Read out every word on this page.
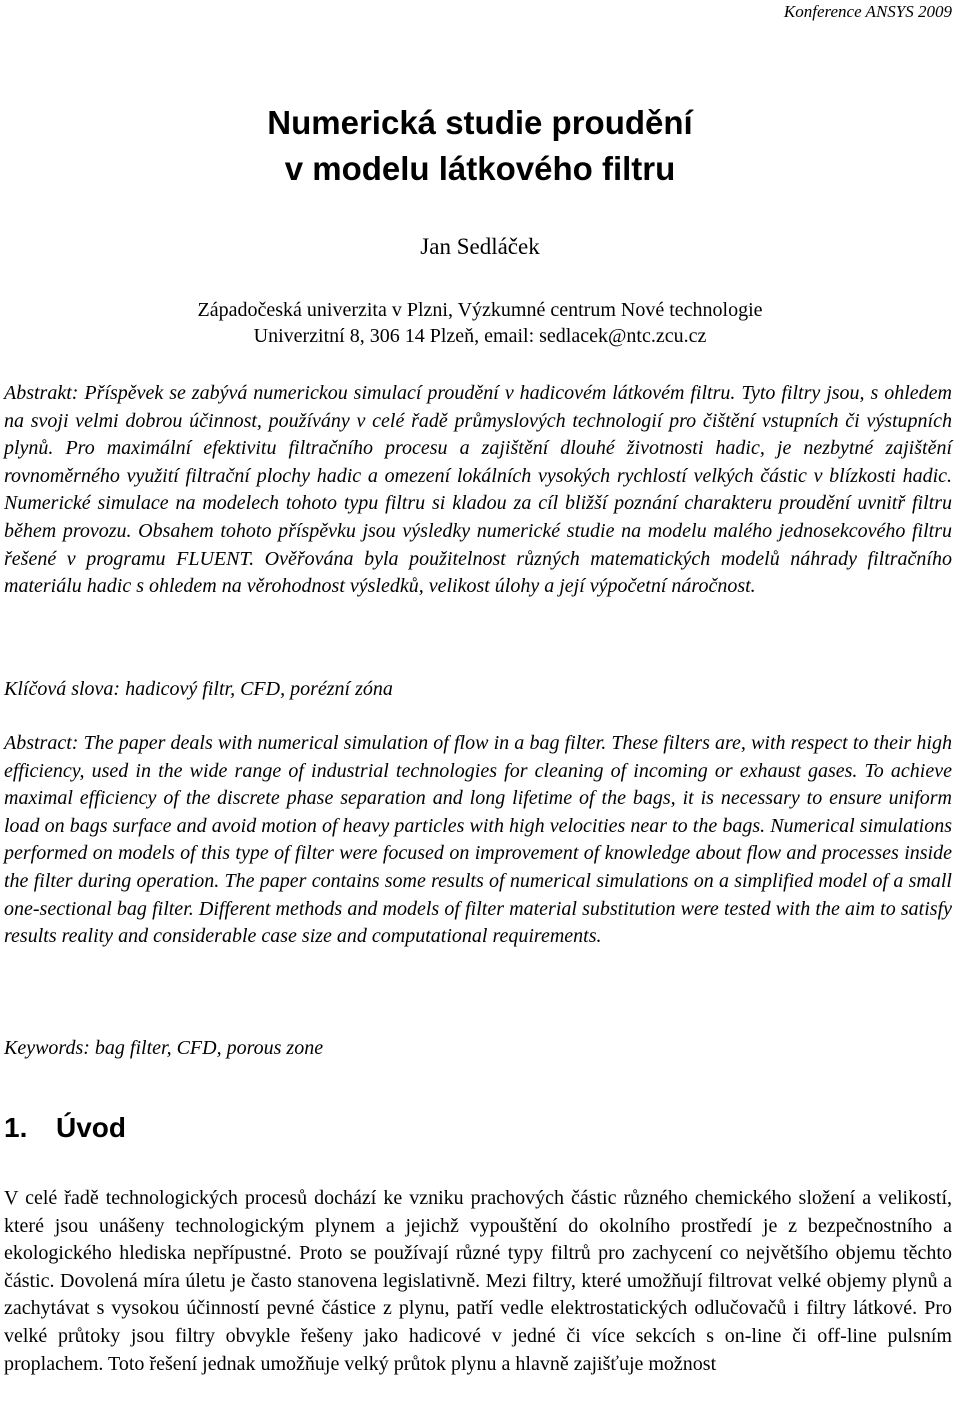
Konference ANSYS 2009
Numerická studie proudění
v modelu látkového filtru
Jan Sedláček
Západočeská univerzita v Plzni, Výzkumné centrum Nové technologie
Univerzitní 8, 306 14 Plzeň, email: sedlacek@ntc.zcu.cz
Abstrakt: Příspěvek se zabývá numerickou simulací proudění v hadicovém látkovém filtru. Tyto filtry jsou, s ohledem na svoji velmi dobrou účinnost, používány v celé řadě průmyslových technologií pro čištění vstupních či výstupních plynů. Pro maximální efektivitu filtračního procesu a zajištění dlouhé životnosti hadic, je nezbytné zajištění rovnoměrného využití filtrační plochy hadic a omezení lokálních vysokých rychlostí velkých částic v blízkosti hadic. Numerické simulace na modelech tohoto typu filtru si kladou za cíl bližší poznání charakteru proudění uvnitř filtru během provozu. Obsahem tohoto příspěvku jsou výsledky numerické studie na modelu malého jednosekcového filtru řešené v programu FLUENT. Ověřována byla použitelnost různých matematických modelů náhrady filtračního materiálu hadic s ohledem na věrohodnost výsledků, velikost úlohy a její výpočetní náročnost.
Klíčová slova: hadicový filtr, CFD, porézní zóna
Abstract: The paper deals with numerical simulation of flow in a bag filter. These filters are, with respect to their high efficiency, used in the wide range of industrial technologies for cleaning of incoming or exhaust gases. To achieve maximal efficiency of the discrete phase separation and long lifetime of the bags, it is necessary to ensure uniform load on bags surface and avoid motion of heavy particles with high velocities near to the bags. Numerical simulations performed on models of this type of filter were focused on improvement of knowledge about flow and processes inside the filter during operation. The paper contains some results of numerical simulations on a simplified model of a small one-sectional bag filter. Different methods and models of filter material substitution were tested with the aim to satisfy results reality and considerable case size and computational requirements.
Keywords: bag filter, CFD, porous zone
1. Úvod
V celé řadě technologických procesů dochází ke vzniku prachových částic různého chemického složení a velikostí, které jsou unášeny technologickým plynem a jejichž vypouštění do okolního prostředí je z bezpečnostního a ekologického hlediska nepřípustné. Proto se používají různé typy filtrů pro zachycení co největšího objemu těchto částic. Dovolená míra úletu je často stanovena legislativně. Mezi filtry, které umožňují filtrovat velké objemy plynů a zachytávat s vysokou účinností pevné částice z plynu, patří vedle elektrostatických odlučovačů i filtry látkové. Pro velké průtoky jsou filtry obvykle řešeny jako hadicové v jedné či více sekcích s on-line či off-line pulsním proplachem. Toto řešení jednak umožňuje velký průtok plynu a hlavně zajišťuje možnost
